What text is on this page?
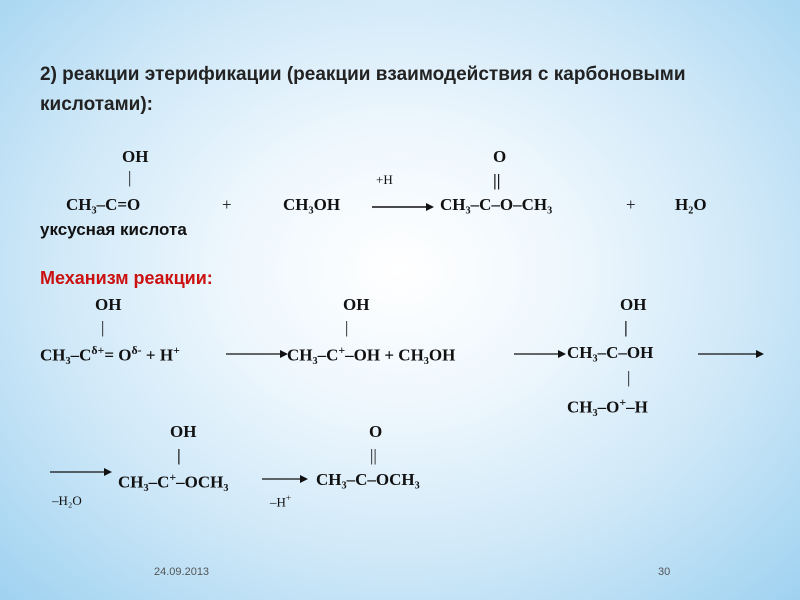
2) реакции этерификации (реакции взаимодействия с карбоновыми кислотами):
OH
|
CH₃–C=O	+	CH₃OH
+H
O
||
CH₃–C–O–CH₃	+ H₂O
уксусная кислота
Механизм реакции:
OH
|
CH₃–$C^{\delta+}= O^{\delta-} + H^+$
OH
|
CH₃–C+–OH + CH₃OH
OH
|
CH₃–C–OH
|
CH₃–O+–H
–H₂O
OH
|
CH₃–C+–OCH₃
–H+
O
||
CH₃–C–OCH₃
24.09.2013	30
